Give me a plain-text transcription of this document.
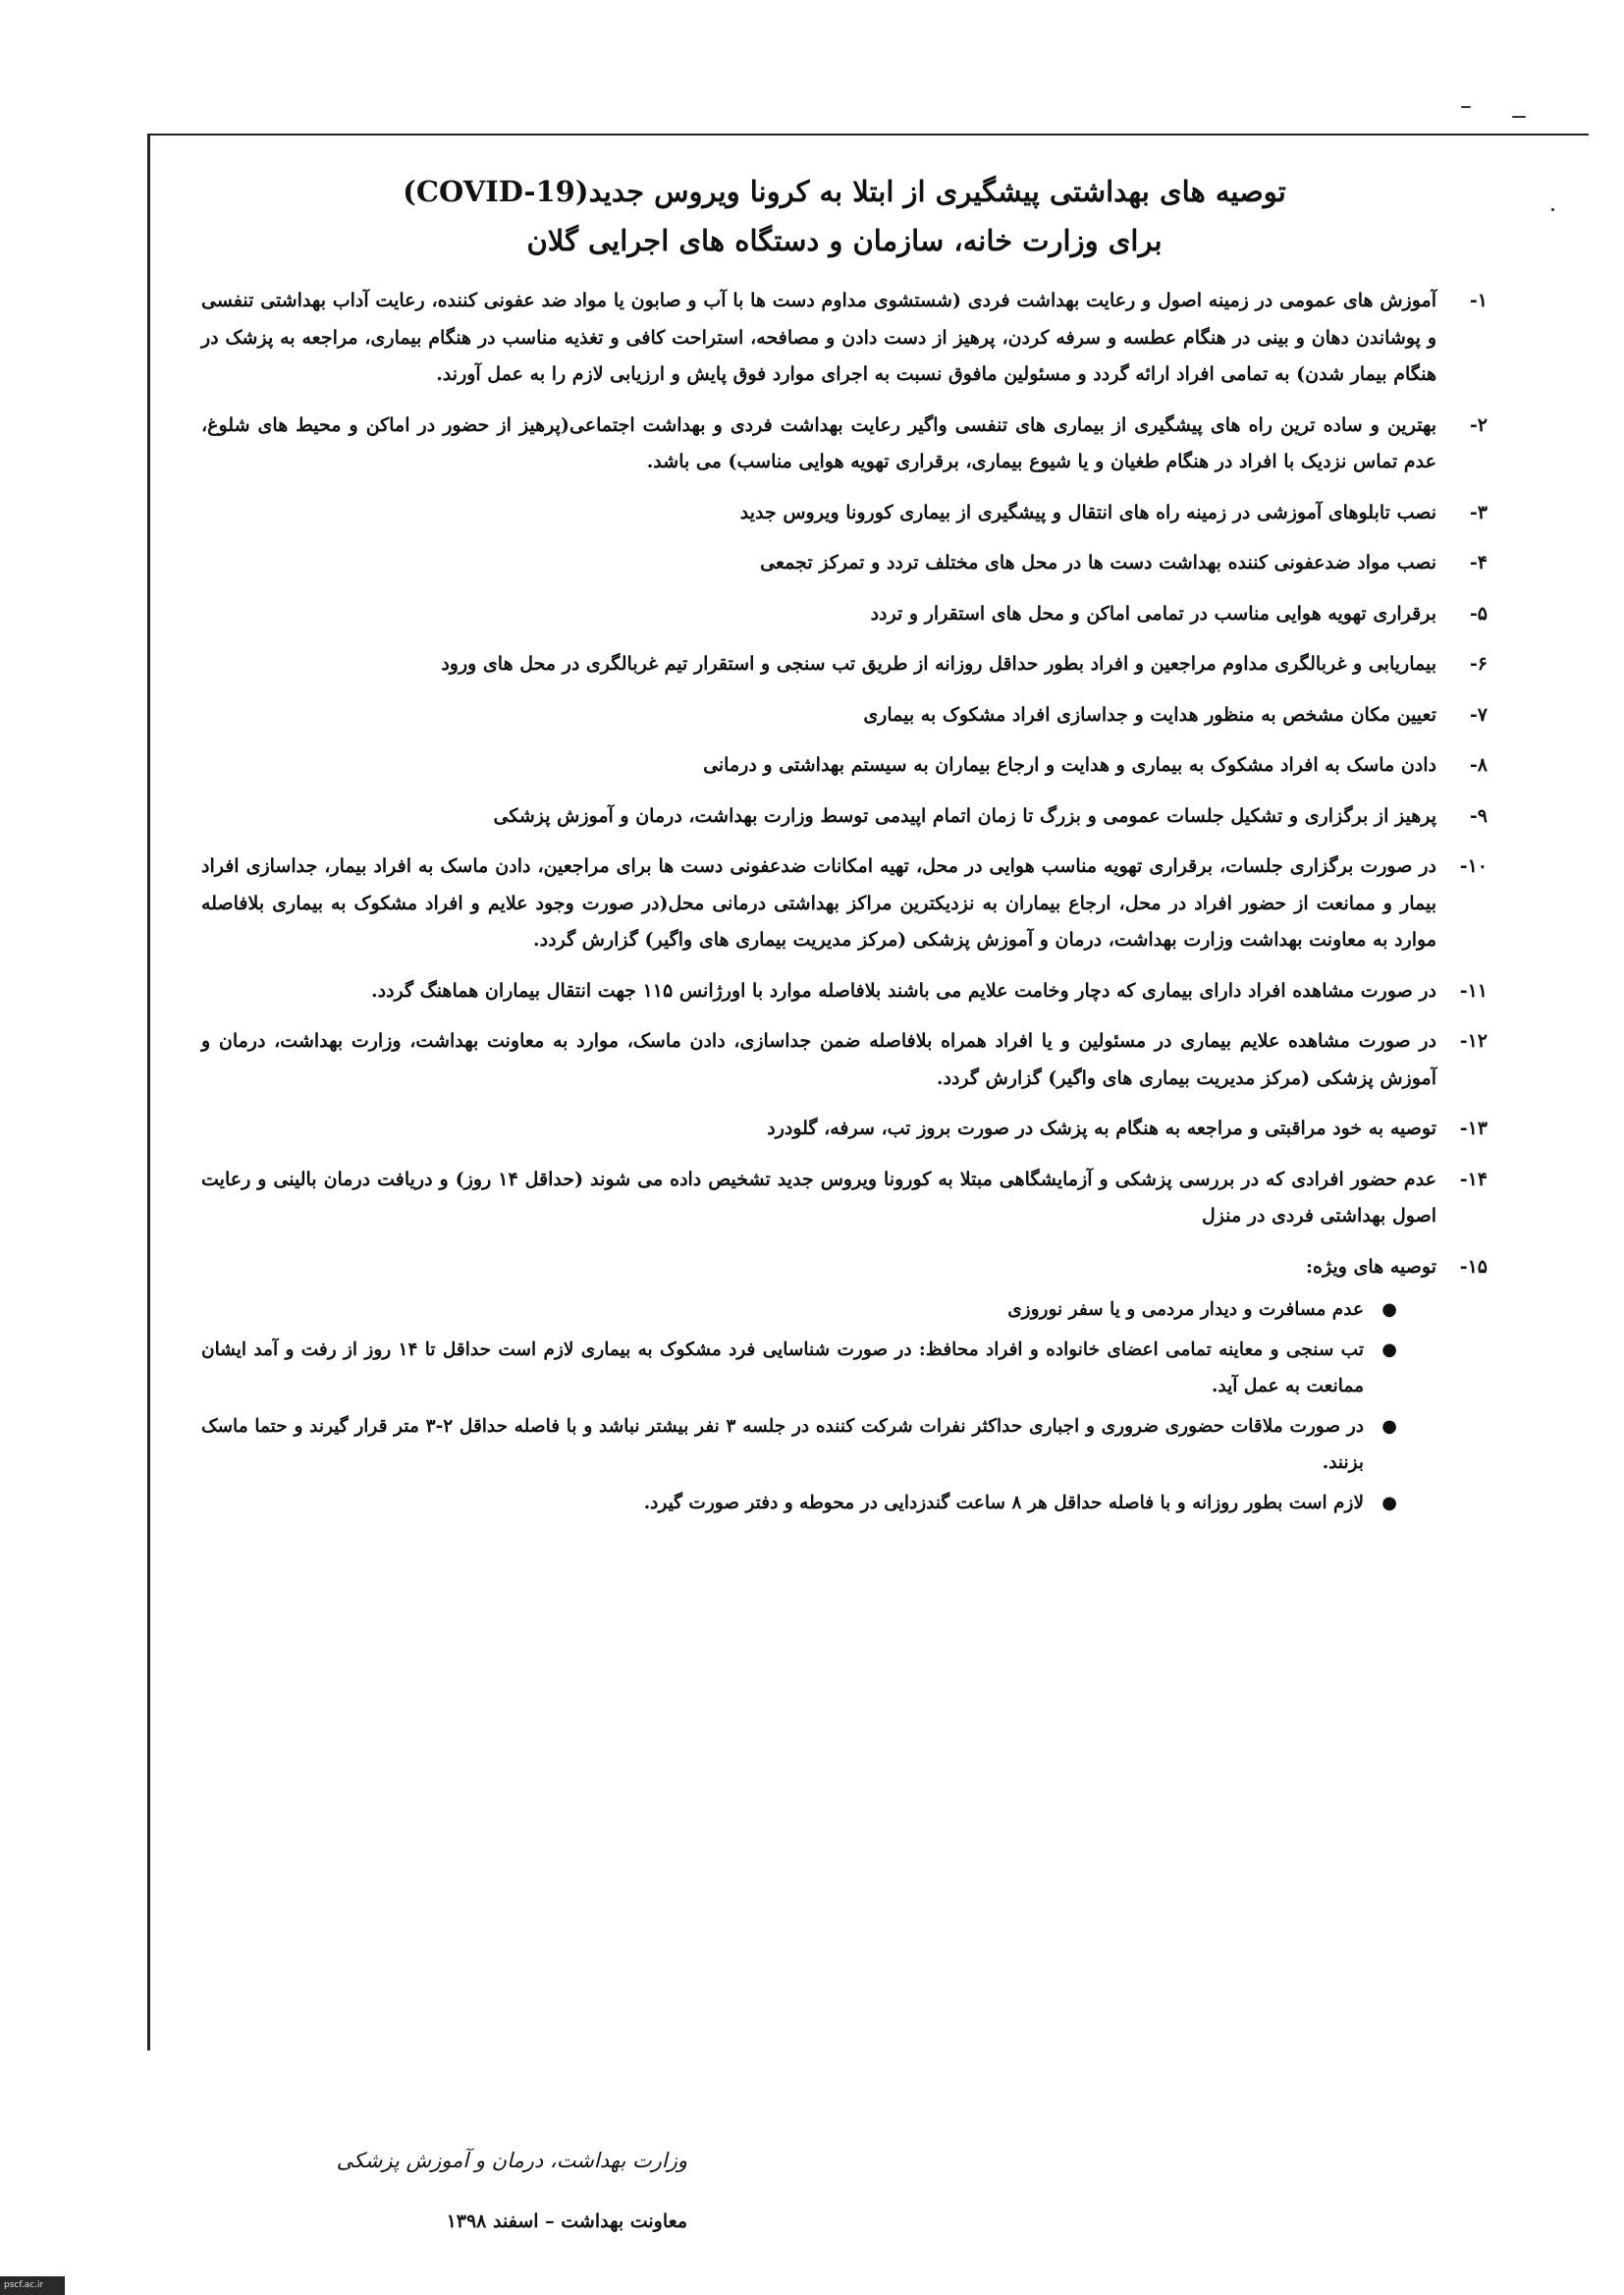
توصیه های بهداشتی پیشگیری از ابتلا به کرونا ویروس جدید(COVID-19)
برای وزارت خانه، سازمان و دستگاه های اجرایی گلان
۱-
آموزش های عمومی در زمینه اصول و رعایت بهداشت فردی (شستشوی مداوم دست ها با آب و صابون یا مواد ضد عفونی کننده، رعایت آداب بهداشتی تنفسی و پوشاندن دهان و بینی در هنگام عطسه و سرفه کردن، پرهیز از دست دادن و مصافحه، استراحت کافی و تغذیه مناسب در هنگام بیماری، مراجعه به پزشک در هنگام بیمار شدن) به تمامی افراد ارائه گردد و مسئولین مافوق نسبت به اجرای موارد فوق پایش و ارزیابی لازم را به عمل آورند.
۲-
بهترین و ساده ترین راه های پیشگیری از بیماری های تنفسی واگیر رعایت بهداشت فردی و بهداشت اجتماعی(پرهیز از حضور در اماکن و محیط های شلوغ، عدم تماس نزدیک با افراد در هنگام طغیان و یا شیوع بیماری، برقراری تهویه هوایی مناسب) می باشد.
۳-
نصب تابلوهای آموزشی در زمینه راه های انتقال و پیشگیری از بیماری کورونا ویروس جدید
۴-
نصب مواد ضدعفونی کننده بهداشت دست ها در محل های مختلف تردد و تمرکز تجمعی
۵-
برقراری تهویه هوایی مناسب در تمامی اماکن و محل های استقرار و تردد
۶-
بیماریابی و غربالگری مداوم مراجعین و افراد بطور حداقل روزانه از طریق تب سنجی و استقرار تیم غربالگری در محل های ورود
۷-
تعیین مکان مشخص به منظور هدایت و جداسازی افراد مشکوک به بیماری
۸-
دادن ماسک به افراد مشکوک به بیماری و هدایت و ارجاع بیماران به سیستم بهداشتی و درمانی
۹-
پرهیز از برگزاری و تشکیل جلسات عمومی و بزرگ تا زمان اتمام اپیدمی توسط وزارت بهداشت، درمان و آموزش پزشکی
۱۰-
در صورت برگزاری جلسات، برقراری تهویه مناسب هوایی در محل، تهیه امکانات ضدعفونی دست ها برای مراجعین، دادن ماسک به افراد بیمار، جداسازی افراد بیمار و ممانعت از حضور افراد در محل، ارجاع بیماران به نزدیکترین مراکز بهداشتی درمانی محل(در صورت وجود علایم و افراد مشکوک به بیماری بلافاصله موارد به معاونت بهداشت وزارت بهداشت، درمان و آموزش پزشکی (مرکز مدیریت بیماری های واگیر) گزارش گردد.
۱۱-
در صورت مشاهده افراد دارای بیماری که دچار وخامت علایم می باشند بلافاصله موارد با اورژانس ۱۱۵ جهت انتقال بیماران هماهنگ گردد.
۱۲-
در صورت مشاهده علایم بیماری در مسئولین و یا افراد همراه بلافاصله ضمن جداسازی، دادن ماسک، موارد به معاونت بهداشت، وزارت بهداشت، درمان و آموزش پزشکی (مرکز مدیریت بیماری های واگیر) گزارش گردد.
۱۳-
توصیه به خود مراقبتی و مراجعه به هنگام به پزشک در صورت بروز تب، سرفه، گلودرد
۱۴-
عدم حضور افرادی که در بررسی پزشکی و آزمایشگاهی مبتلا به کورونا ویروس جدید تشخیص داده می شوند (حداقل ۱۴ روز) و دریافت درمان بالینی و رعایت اصول بهداشتی فردی در منزل
۱۵-
توصیه های ویژه:
●
عدم مسافرت و دیدار مردمی و یا سفر نوروزی
●
تب سنجی و معاینه تمامی اعضای خانواده و افراد محافظ: در صورت شناسایی فرد مشکوک به بیماری لازم است حداقل تا ۱۴ روز از رفت و آمد ایشان ممانعت به عمل آید.
●
در صورت ملاقات حضوری ضروری و اجباری حداکثر نفرات شرکت کننده در جلسه ۳ نفر بیشتر نباشد و با فاصله حداقل ۲-۳ متر قرار گیرند و حتما ماسک بزنند.
●
لازم است بطور روزانه و با فاصله حداقل هر ۸ ساعت گندزدایی در محوطه و دفتر صورت گیرد.

وزارت بهداشت، درمان و آموزش پزشکی

معاونت بهداشت – اسفند ۱۳۹۸

pscf.ac.ir
